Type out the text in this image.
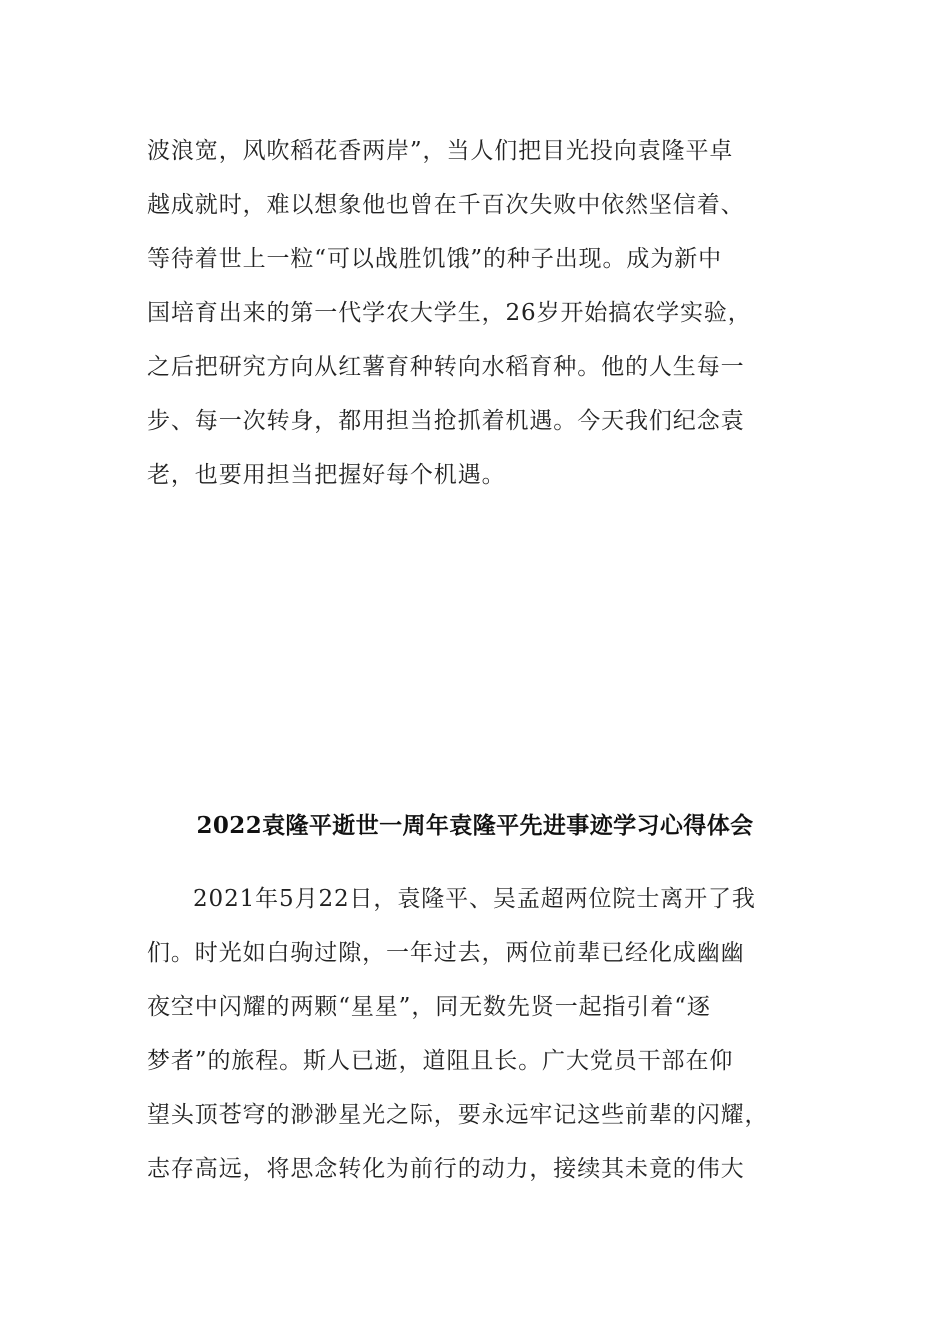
波浪宽，风吹稻花香两岸”，当人们把目光投向袁隆平卓
越成就时，难以想象他也曾在千百次失败中依然坚信着、
等待着世上一粒“可以战胜饥饿”的种子出现。成为新中
国培育出来的第一代学农大学生，26岁开始搞农学实验，
之后把研究方向从红薯育种转向水稻育种。他的人生每一
步、每一次转身，都用担当抢抓着机遇。今天我们纪念袁
老，也要用担当把握好每个机遇。
2022袁隆平逝世一周年袁隆平先进事迹学习心得体会
2021年5月22日，袁隆平、吴孟超两位院士离开了我
们。时光如白驹过隙，一年过去，两位前辈已经化成幽幽
夜空中闪耀的两颗“星星”，同无数先贤一起指引着“逐
梦者”的旅程。斯人已逝，道阻且长。广大党员干部在仰
望头顶苍穹的渺渺星光之际，要永远牢记这些前辈的闪耀，
志存高远，将思念转化为前行的动力，接续其未竟的伟大
